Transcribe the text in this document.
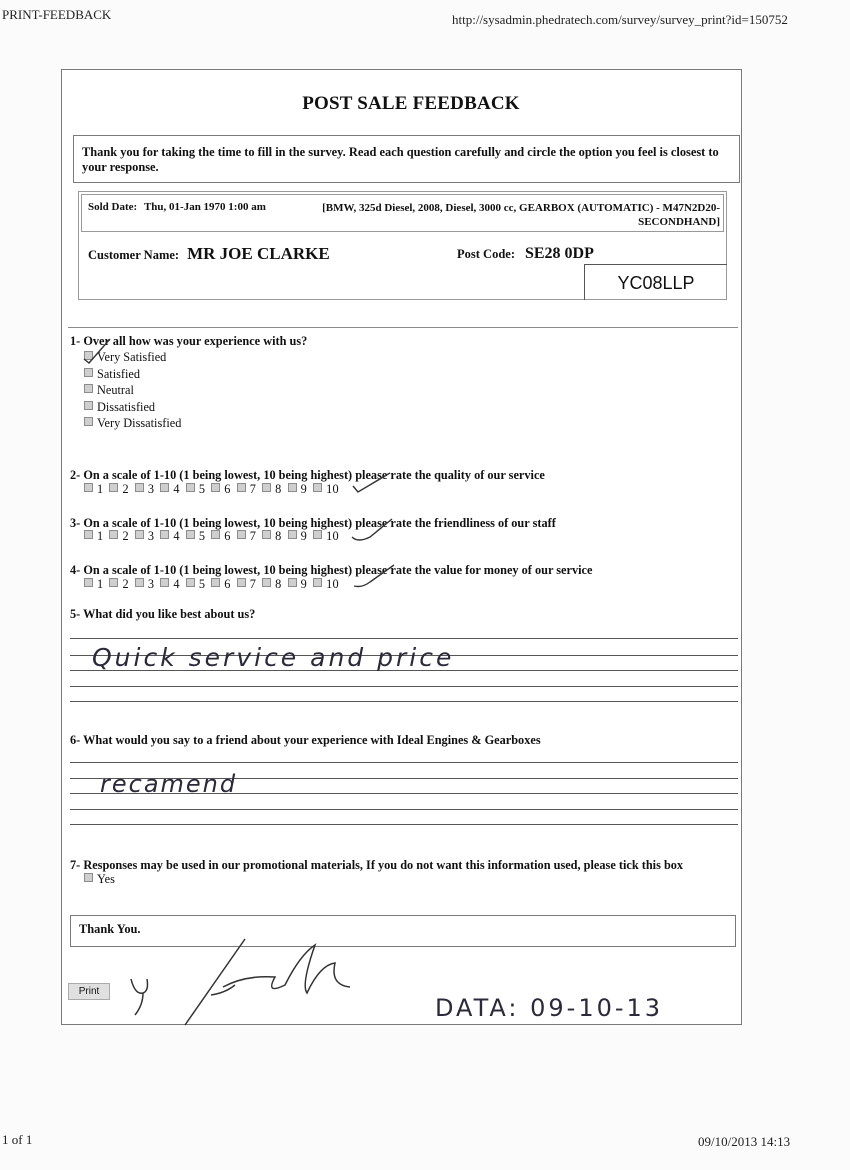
PRINT-FEEDBACK	http://sysadmin.phedratech.com/survey/survey_print?id=150752
POST SALE FEEDBACK
Thank you for taking the time to fill in the survey. Read each question carefully and circle the option you feel is closest to your response.
Sold Date: Thu, 01-Jan 1970 1:00 am	[BMW, 325d Diesel, 2008, Diesel, 3000 cc, GEARBOX (AUTOMATIC) - M47N2D20-
SECONDHAND]
Customer Name: MR JOE CLARKE	Post Code: SE28 0DP
YC08LLP
1- Over all how was your experience with us?
Very Satisfied
Satisfied
Neutral
Dissatisfied
Very Dissatisfied
2- On a scale of 1-10 (1 being lowest, 10 being highest) please rate the quality of our service
1 2 3 4 5 6 7 8 9 10
3- On a scale of 1-10 (1 being lowest, 10 being highest) please rate the friendliness of our staff
1 2 3 4 5 6 7 8 9 10
4- On a scale of 1-10 (1 being lowest, 10 being highest) please rate the value for money of our service
1 2 3 4 5 6 7 8 9 10
5- What did you like best about us?
Quick service and price
6- What would you say to a friend about your experience with Ideal Engines & Gearboxes
recamend
7- Responses may be used in our promotional materials, If you do not want this information used, please tick this box
Yes
Thank You.
Print
DATA: 09-10-13
1 of 1	09/10/2013 14:13
